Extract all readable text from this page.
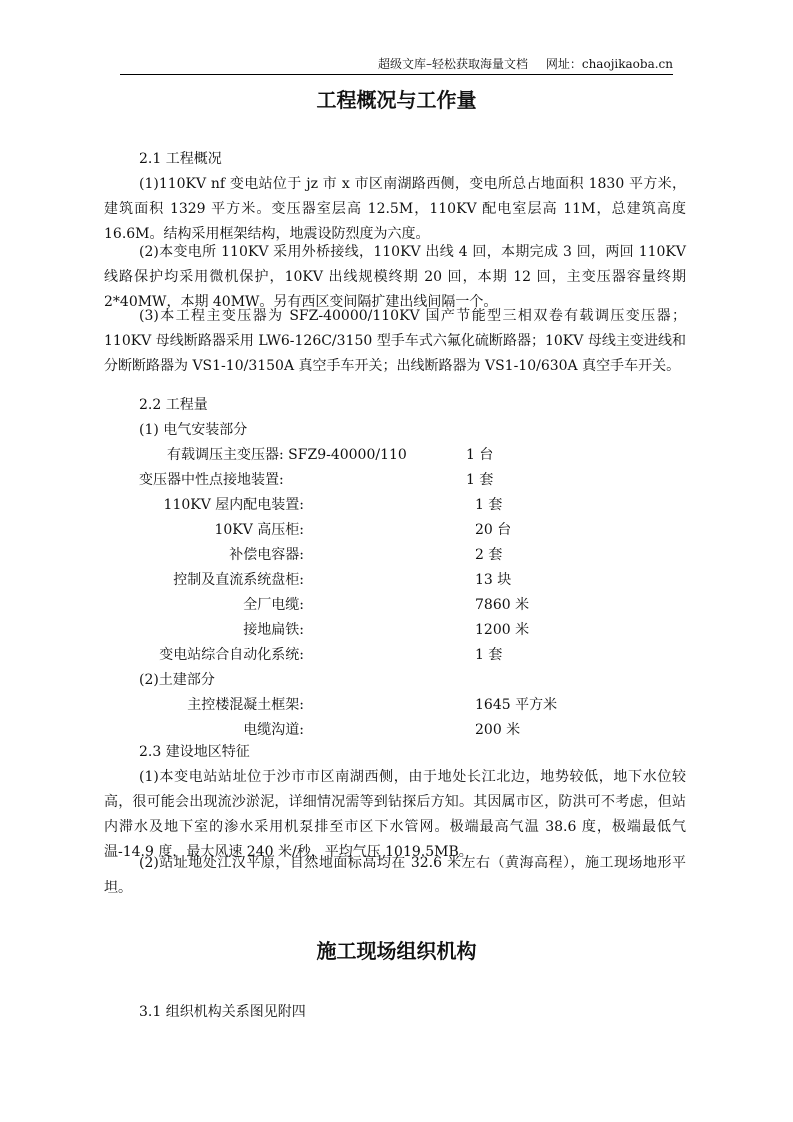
超级文库–轻松获取海量文档 网址：chaojikaoba.cn
工程概况与工作量
2.1 工程概况
(1)110KV nf 变电站位于 jz 市 x 市区南湖路西侧，变电所总占地面积 1830 平方米，建筑面积 1329 平方米。变压器室层高 12.5M，110KV 配电室层高 11M，总建筑高度 16.6M。结构采用框架结构，地震设防烈度为六度。
(2)本变电所 110KV 采用外桥接线，110KV 出线 4 回，本期完成 3 回，两回 110KV 线路保护均采用微机保护，10KV 出线规模终期 20 回，本期 12 回，主变压器容量终期 2*40MW，本期 40MW。另有西区变间隔扩建出线间隔一个。
(3)本工程主变压器为 SFZ-40000/110KV 国产节能型三相双卷有载调压变压器；110KV 母线断路器采用 LW6-126C/3150 型手车式六氟化硫断路器；10KV 母线主变进线和分断断路器为 VS1-10/3150A 真空手车开关；出线断路器为 VS1-10/630A 真空手车开关。
2.2 工程量
(1) 电气安装部分
有载调压主变压器: SFZ9-40000/110	1 台
变压器中性点接地装置:	1 套
110KV 屋内配电装置:	1 套
10KV 高压柜:	20 台
补偿电容器:	2 套
控制及直流系统盘柜:	13 块
全厂电缆:	7860 米
接地扁铁:	1200 米
变电站综合自动化系统:	1 套
(2)土建部分
主控楼混凝土框架:	1645 平方米
电缆沟道:	200 米
2.3 建设地区特征
(1)本变电站站址位于沙市市区南湖西侧，由于地处长江北边，地势较低，地下水位较高，很可能会出现流沙淤泥，详细情况需等到钻探后方知。其因属市区，防洪可不考虑，但站内滞水及地下室的渗水采用机泵排至市区下水管网。极端最高气温 38.6 度，极端最低气温-14.9 度，最大风速 240 米/秒，平均气压 1019.5MB。
(2)站址地处江汉平原，自然地面标高均在 32.6 米左右（黄海高程），施工现场地形平坦。
施工现场组织机构
3.1 组织机构关系图见附四
